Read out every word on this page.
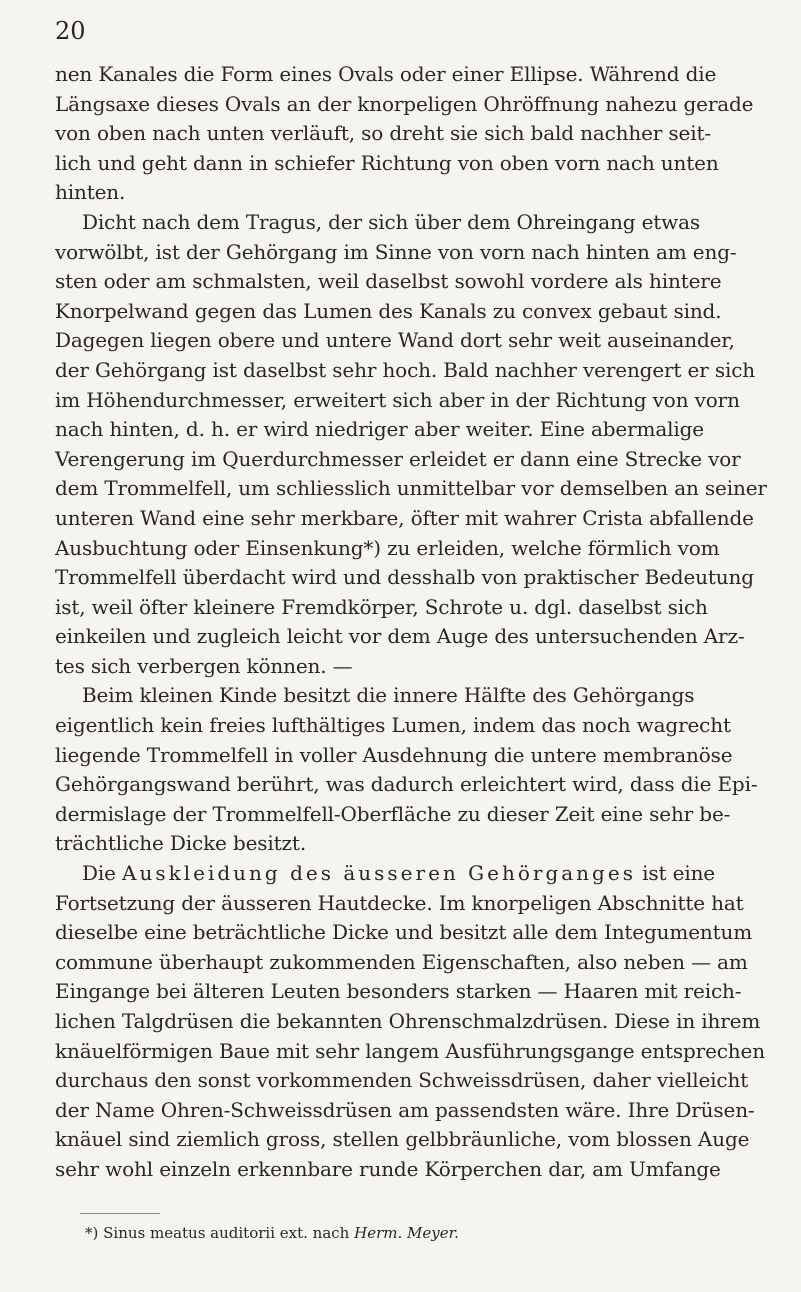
20
nen Kanales die Form eines Ovals oder einer Ellipse. Während die
Längsaxe dieses Ovals an der knorpeligen Ohröffnung nahezu gerade
von oben nach unten verläuft, so dreht sie sich bald nachher seit-
lich und geht dann in schiefer Richtung von oben vorn nach unten
hinten.
Dicht nach dem Tragus, der sich über dem Ohreingang etwas
vorwölbt, ist der Gehörgang im Sinne von vorn nach hinten am eng-
sten oder am schmalsten, weil daselbst sowohl vordere als hintere
Knorpelwand gegen das Lumen des Kanals zu convex gebaut sind.
Dagegen liegen obere und untere Wand dort sehr weit auseinander,
der Gehörgang ist daselbst sehr hoch. Bald nachher verengert er sich
im Höhendurchmesser, erweitert sich aber in der Richtung von vorn
nach hinten, d. h. er wird niedriger aber weiter. Eine abermalige
Verengerung im Querdurchmesser erleidet er dann eine Strecke vor
dem Trommelfell, um schliesslich unmittelbar vor demselben an seiner
unteren Wand eine sehr merkbare, öfter mit wahrer Crista abfallende
Ausbuchtung oder Einsenkung*) zu erleiden, welche förmlich vom
Trommelfell überdacht wird und desshalb von praktischer Bedeutung
ist, weil öfter kleinere Fremdkörper, Schrote u. dgl. daselbst sich
einkeilen und zugleich leicht vor dem Auge des untersuchenden Arz-
tes sich verbergen können. —
Beim kleinen Kinde besitzt die innere Hälfte des Gehörgangs
eigentlich kein freies lufthältiges Lumen, indem das noch wagrecht
liegende Trommelfell in voller Ausdehnung die untere membranöse
Gehörgangswand berührt, was dadurch erleichtert wird, dass die Epi-
dermislage der Trommelfell-Oberfläche zu dieser Zeit eine sehr be-
trächtliche Dicke besitzt.
Die Auskleidung des äusseren Gehörganges ist eine
Fortsetzung der äusseren Hautdecke. Im knorpeligen Abschnitte hat
dieselbe eine beträchtliche Dicke und besitzt alle dem Integumentum
commune überhaupt zukommenden Eigenschaften, also neben — am
Eingange bei älteren Leuten besonders starken — Haaren mit reich-
lichen Talgdrüsen die bekannten Ohrenschmalzdrüsen. Diese in ihrem
knäuelförmigen Baue mit sehr langem Ausführungsgange entsprechen
durchaus den sonst vorkommenden Schweissdrüsen, daher vielleicht
der Name Ohren-Schweissdrüsen am passendsten wäre. Ihre Drüsen-
knäuel sind ziemlich gross, stellen gelbbräunliche, vom blossen Auge
sehr wohl einzeln erkennbare runde Körperchen dar, am Umfange
*) Sinus meatus auditorii ext. nach Herm. Meyer.
